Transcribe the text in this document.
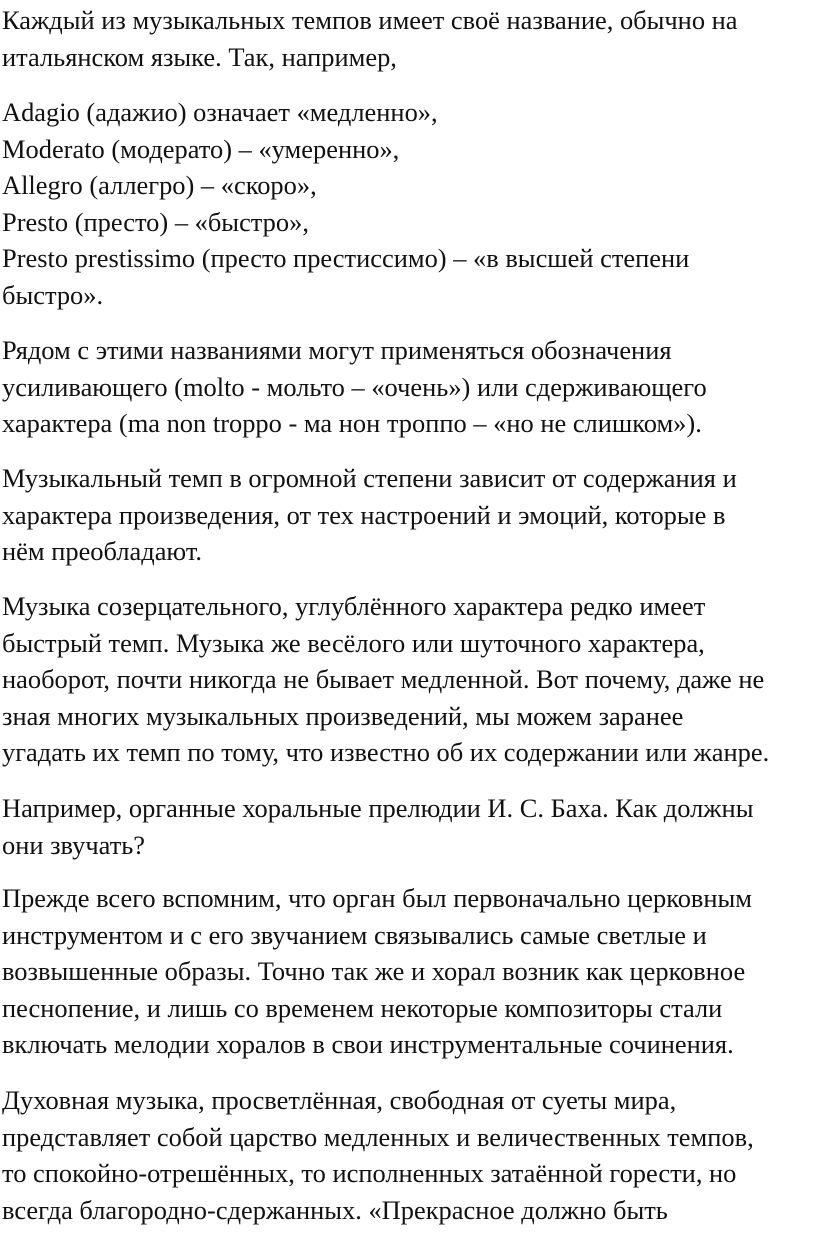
Каждый из музыкальных темпов имеет своё название, обычно на
итальянском языке. Так, например,

Adagio (адажио) означает «медленно»,
Moderato (модерато) – «умеренно»,
Allegro (аллегро) – «скоро»,
Presto (престо) – «быстро»,
Presto prestissimo (престо престиссимо) – «в высшей степени
быстро».

Рядом с этими названиями могут применяться обозначения
усиливающего (molto - мольто – «очень») или сдерживающего
характера (ma non troppo - ма нон троппо – «но не слишком»).

Музыкальный темп в огромной степени зависит от содержания и
характера произведения, от тех настроений и эмоций, которые в
нём преобладают.

Музыка созерцательного, углублённого характера редко имеет
быстрый темп. Музыка же весёлого или шуточного характера,
наоборот, почти никогда не бывает медленной. Вот почему, даже не
зная многих музыкальных произведений, мы можем заранее
угадать их темп по тому, что известно об их содержании или жанре.

Например, органные хоральные прелюдии И. С. Баха. Как должны
они звучать?

Прежде всего вспомним, что орган был первоначально церковным
инструментом и с его звучанием связывались самые светлые и
возвышенные образы. Точно так же и хорал возник как церковное
песнопение, и лишь со временем некоторые композиторы стали
включать мелодии хоралов в свои инструментальные сочинения.

Духовная музыка, просветлённая, свободная от суеты мира,
представляет собой царство медленных и величественных темпов,
то спокойно-отрешённых, то исполненных затаённой горести, но
всегда благородно-сдержанных. «Прекрасное должно быть
